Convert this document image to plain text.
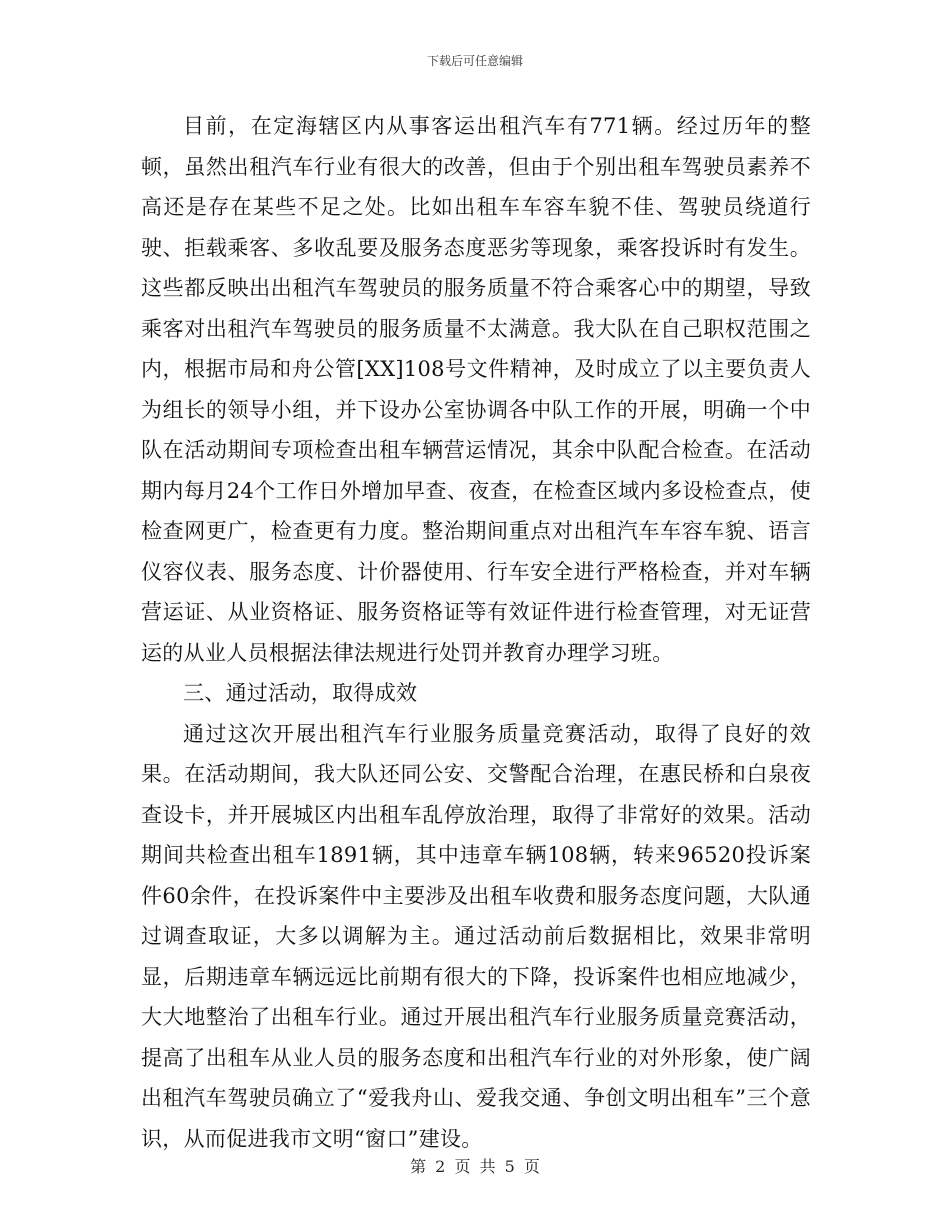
下载后可任意编辑

目前，在定海辖区内从事客运出租汽车有771辆。经过历年的整顿，虽然出租汽车行业有很大的改善，但由于个别出租车驾驶员素养不高还是存在某些不足之处。比如出租车车容车貌不佳、驾驶员绕道行驶、拒载乘客、多收乱要及服务态度恶劣等现象，乘客投诉时有发生。这些都反映出出租汽车驾驶员的服务质量不符合乘客心中的期望，导致乘客对出租汽车驾驶员的服务质量不太满意。我大队在自己职权范围之内，根据市局和舟公管[XX]108号文件精神，及时成立了以主要负责人为组长的领导小组，并下设办公室协调各中队工作的开展，明确一个中队在活动期间专项检查出租车辆营运情况，其余中队配合检查。在活动期内每月24个工作日外增加早查、夜查，在检查区域内多设检查点，使检查网更广，检查更有力度。整治期间重点对出租汽车车容车貌、语言仪容仪表、服务态度、计价器使用、行车安全进行严格检查，并对车辆营运证、从业资格证、服务资格证等有效证件进行检查管理，对无证营运的从业人员根据法律法规进行处罚并教育办理学习班。

三、通过活动，取得成效

通过这次开展出租汽车行业服务质量竞赛活动，取得了良好的效果。在活动期间，我大队还同公安、交警配合治理，在惠民桥和白泉夜查设卡，并开展城区内出租车乱停放治理，取得了非常好的效果。活动期间共检查出租车1891辆，其中违章车辆108辆，转来96520投诉案件60余件，在投诉案件中主要涉及出租车收费和服务态度问题，大队通过调查取证，大多以调解为主。通过活动前后数据相比，效果非常明显，后期违章车辆远远比前期有很大的下降，投诉案件也相应地减少，大大地整治了出租车行业。通过开展出租汽车行业服务质量竞赛活动，提高了出租车从业人员的服务态度和出租汽车行业的对外形象，使广阔出租汽车驾驶员确立了“爱我舟山、爱我交通、争创文明出租车”三个意识，从而促进我市文明“窗口”建设。

第 2 页 共 5 页
